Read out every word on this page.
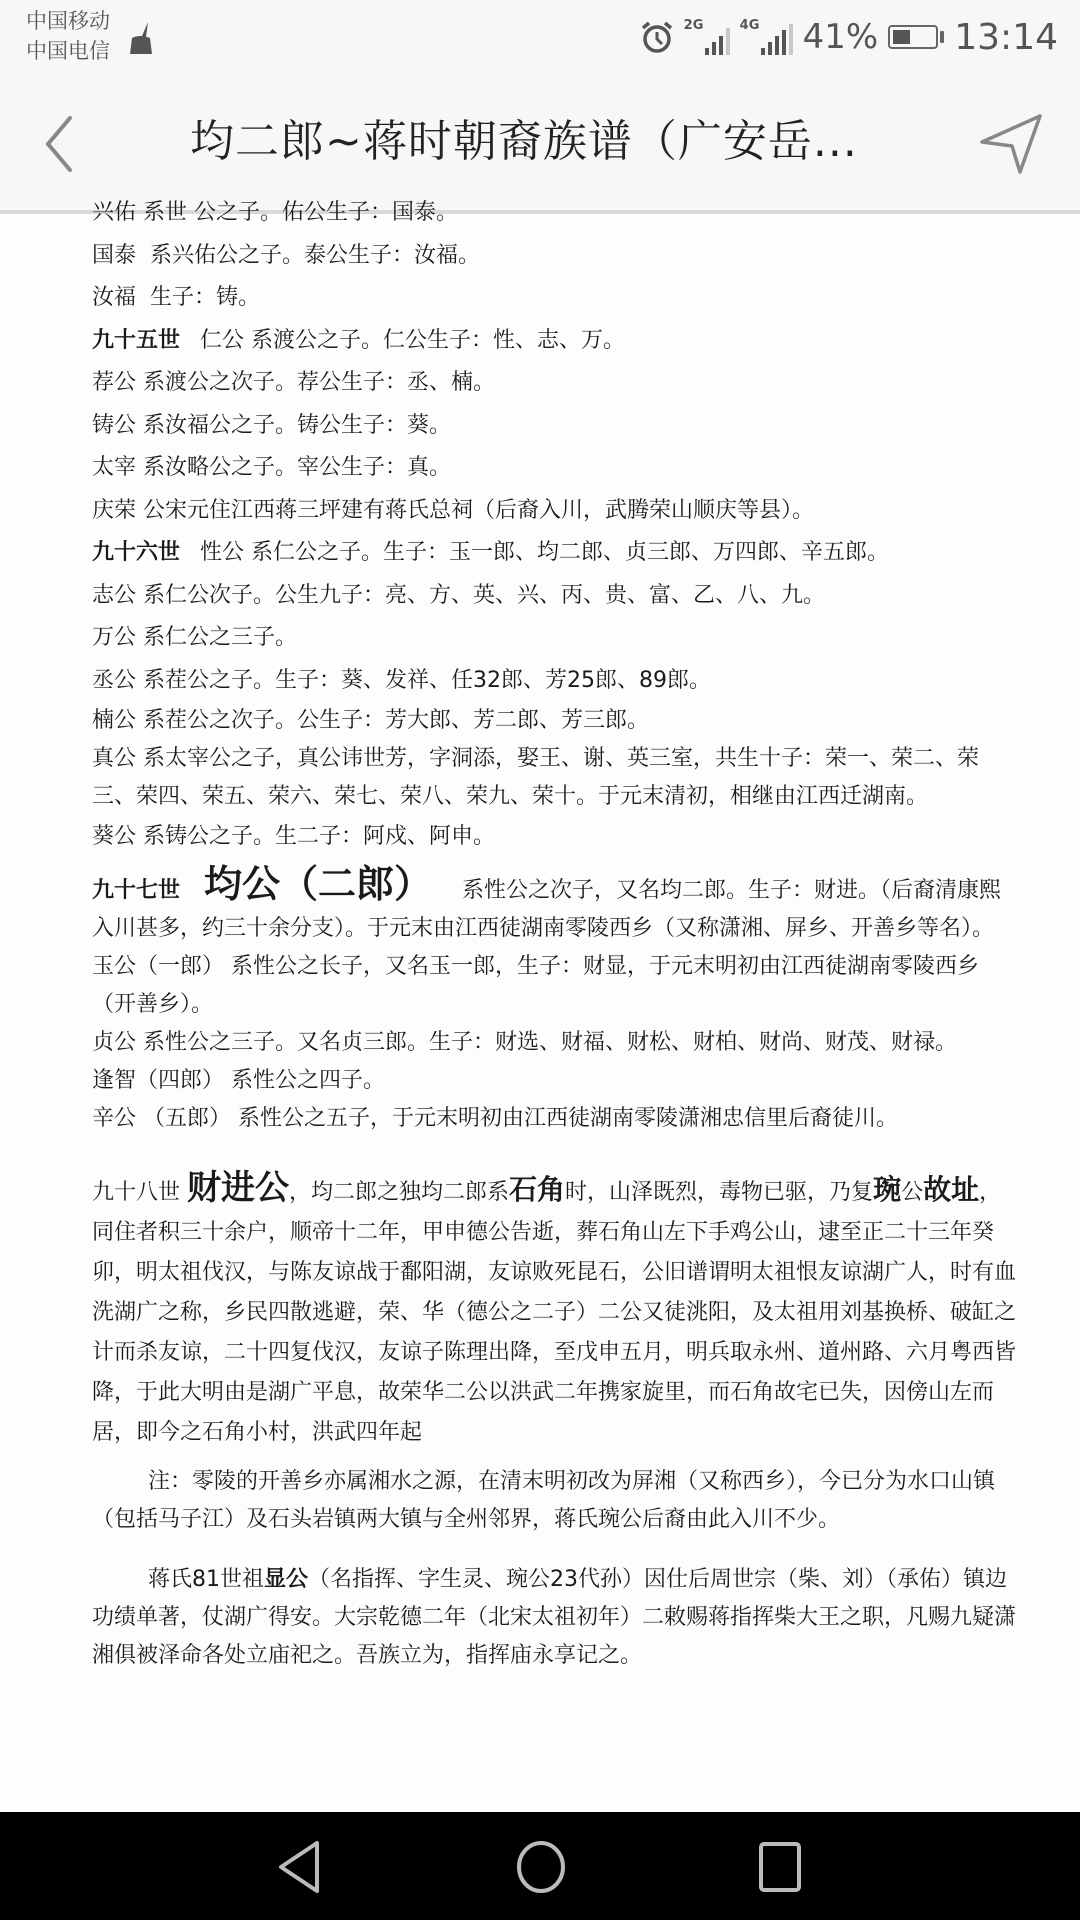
中国移动
中国电信
2G	4G 41% 13:14
均二郎~蒋时朝裔族谱（广安岳...

兴佑 系世 公之子。佑公生子：国泰。

国泰 系兴佑公之子。泰公生子：汝福。

汝福 生子：铸。

九十五世 仁公 系渡公之子。仁公生子：性、志、万。

荐公 系渡公之次子。荐公生子：丞、楠。

铸公 系汝福公之子。铸公生子：葵。

太宰 系汝略公之子。宰公生子：真。

庆荣 公宋元住江西蒋三坪建有蒋氏总祠（后裔入川，武腾荣山顺庆等县）。

九十六世 性公 系仁公之子。生子：玉一郎、均二郎、贞三郎、万四郎、辛五郎。

志公 系仁公次子。公生九子：亮、方、英、兴、丙、贵、富、乙、八、九。

万公 系仁公之三子。

丞公 系茬公之子。生子：葵、发祥、任32郎、芳25郎、89郎。

楠公 系茬公之次子。公生子：芳大郎、芳二郎、芳三郎。

真公 系太宰公之子，真公讳世芳，字洞添，娶王、谢、英三室，共生十子：荣一、荣二、荣三、荣四、荣五、荣六、荣七、荣八、荣九、荣十。于元末清初，相继由江西迁湖南。

葵公 系铸公之子。生二子：阿戍、阿申。

九十七世 均公（二郎） 系性公之次子，又名均二郎。生子：财进。（后裔清康熙入川甚多，约三十余分支）。于元末由江西徒湖南零陵西乡（又称潇湘、屏乡、开善乡等名）。

玉公（一郎） 系性公之长子，又名玉一郎，生子：财显，于元末明初由江西徒湖南零陵西乡（开善乡）。

贞公 系性公之三子。又名贞三郎。生子：财选、财福、财松、财柏、财尚、财茂、财禄。

逢智（四郎） 系性公之四子。

辛公 （五郎） 系性公之五子，于元末明初由江西徒湖南零陵潇湘忠信里后裔徒川。

九十八世 财进公，均二郎之独均二郎系石角时，山泽既烈，毒物已驱，乃复琬公故址，同住者积三十余户，顺帝十二年，甲申德公告逝，葬石角山左下手鸡公山，逮至正二十三年癸卯，明太祖伐汉，与陈友谅战于鄱阳湖，友谅败死昆石，公旧谱谓明太祖恨友谅湖广人，时有血洗湖广之称，乡民四散逃避，荣、华（德公之二子）二公又徒洮阳，及太祖用刘基换桥、破缸之计而杀友谅，二十四复伐汉，友谅子陈理出降，至戊申五月，明兵取永州、道州路、六月粤西皆降，于此大明由是湖广平息，故荣华二公以洪武二年携家旋里，而石角故宅已失，因傍山左而居，即今之石角小村，洪武四年起

注：零陵的开善乡亦属湘水之源，在清末明初改为屏湘（又称西乡），今已分为水口山镇（包括马子江）及石头岩镇两大镇与全州邻界，蒋氏琬公后裔由此入川不少。

蒋氏81世祖显公（名指挥、字生灵、琬公23代孙）因仕后周世宗（柴、刘）（承佑）镇边功绩单著，仗湖广得安。大宗乾德二年（北宋太祖初年）二敕赐蒋指挥柴大王之职，凡赐九疑潇湘俱被泽命各处立庙祀之。吾族立为，指挥庙永享记之。
